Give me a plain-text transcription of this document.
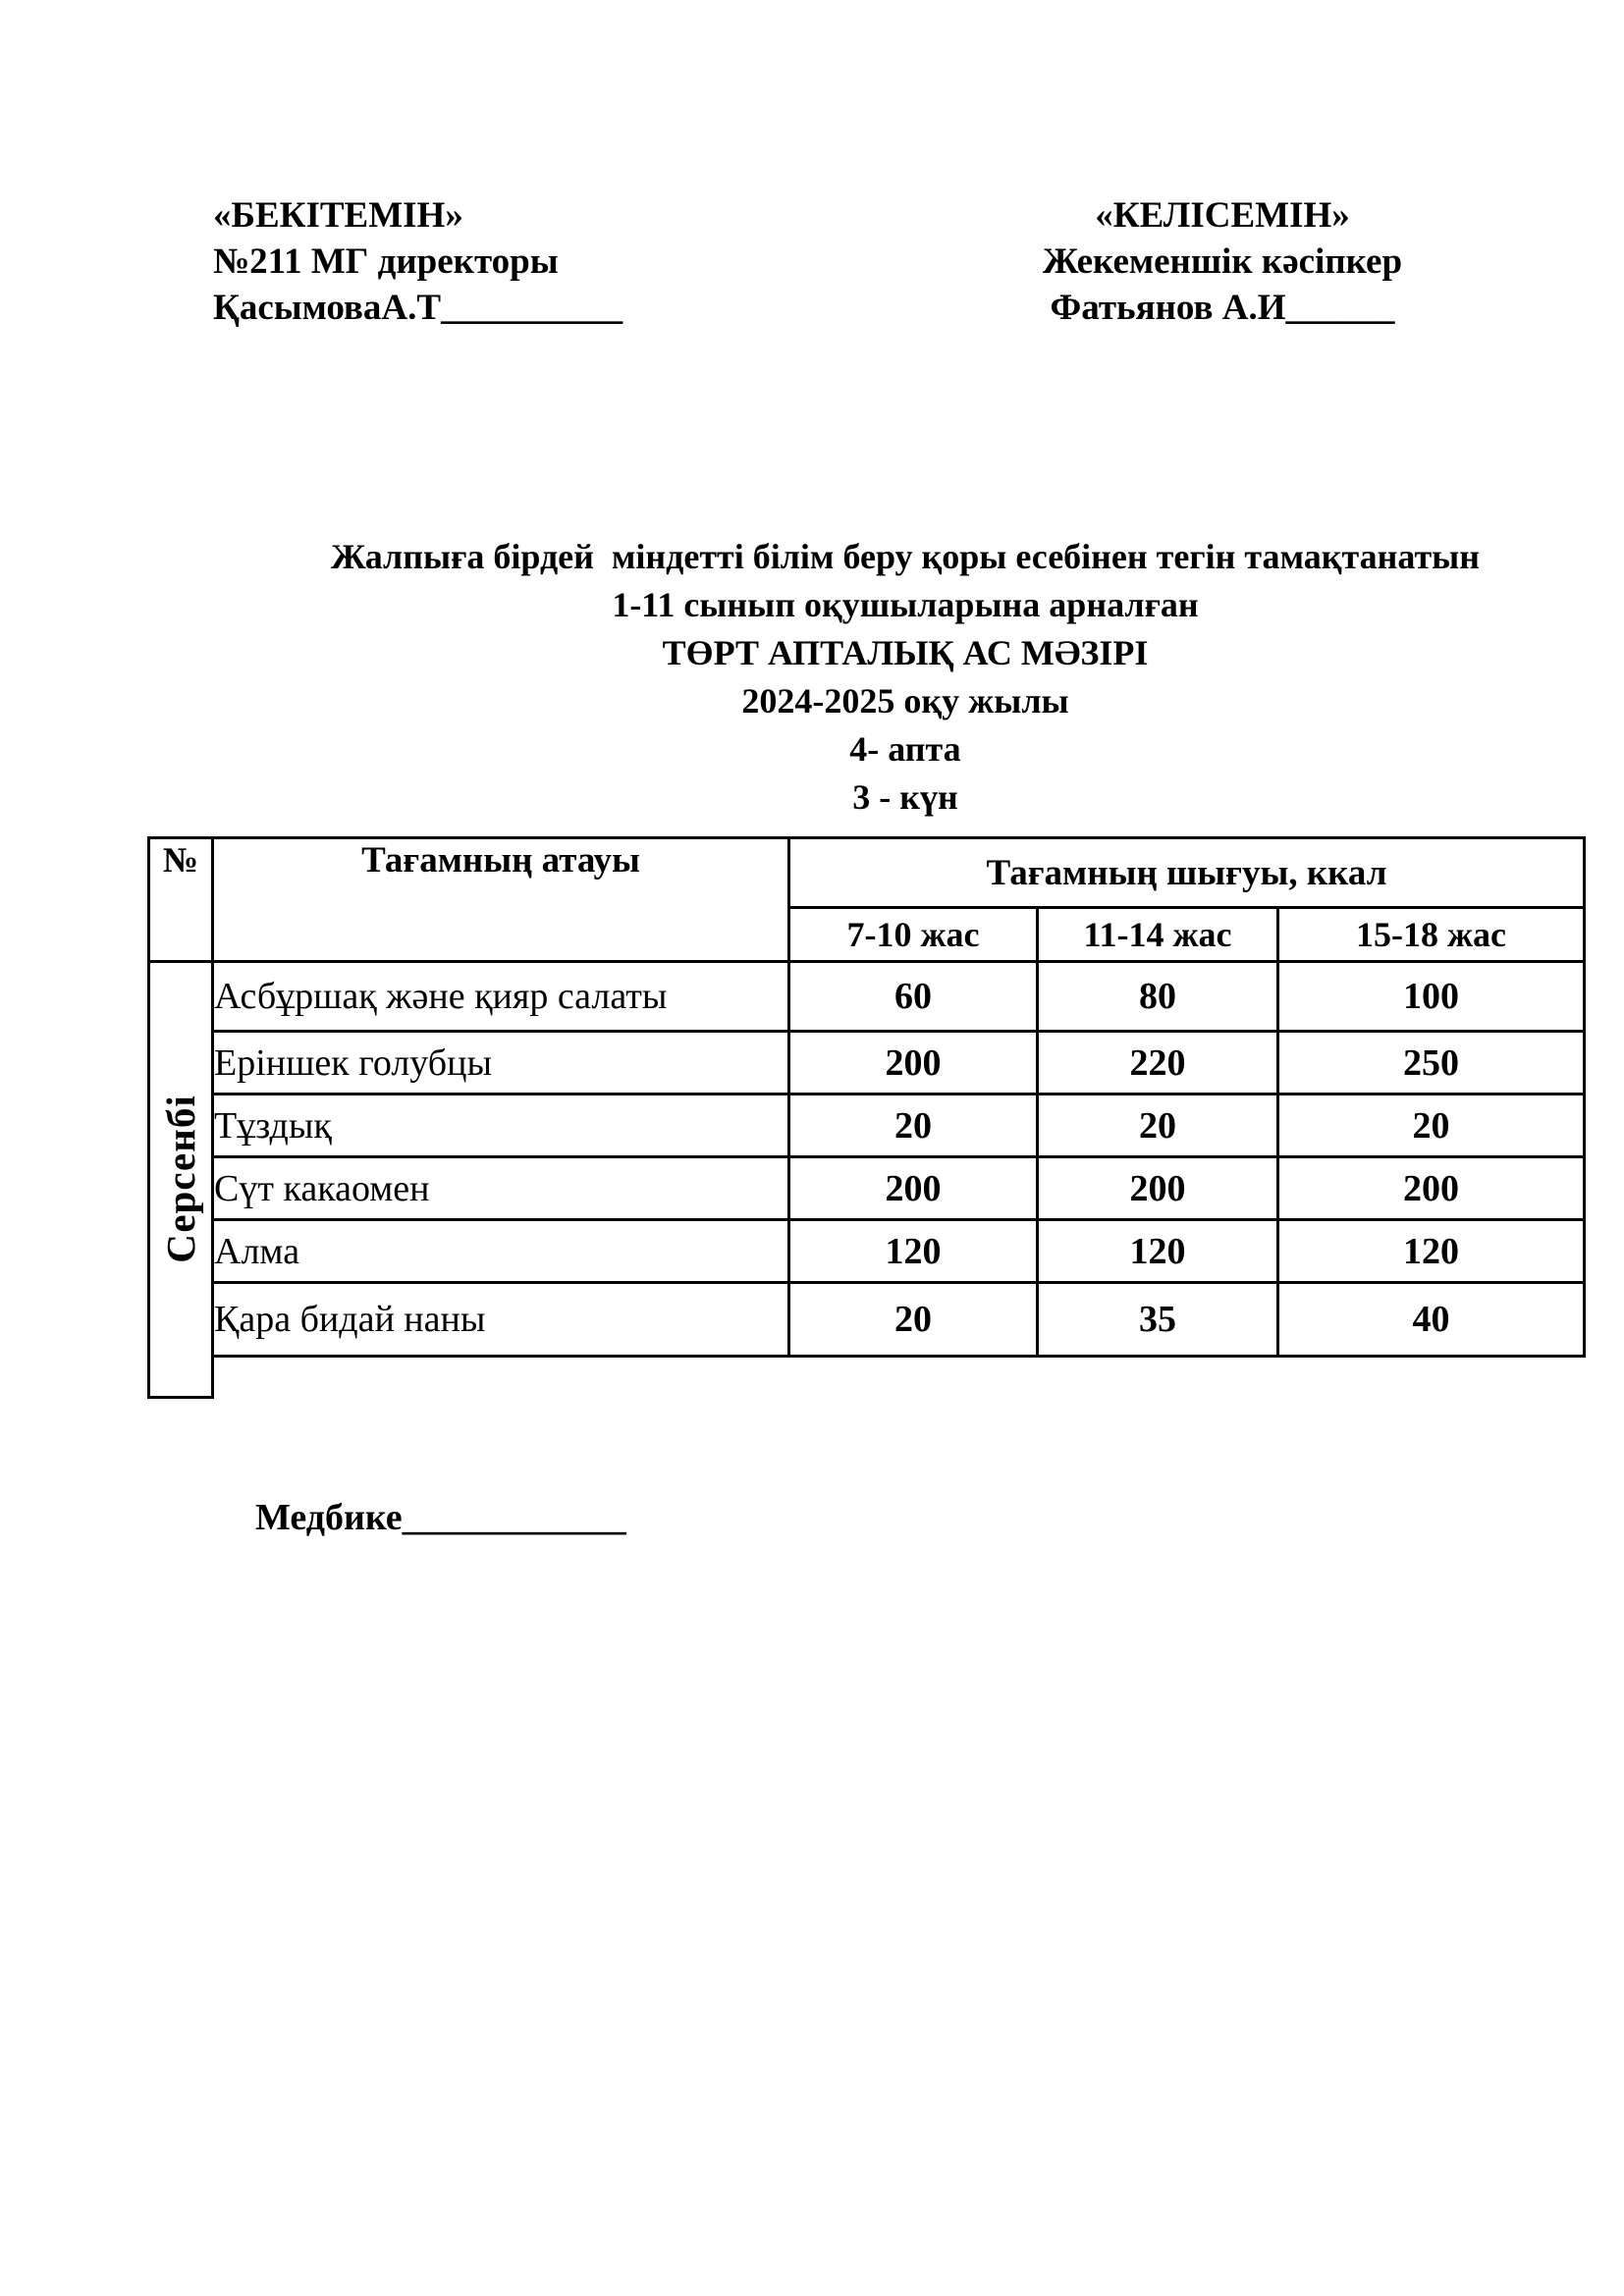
«БЕКІТЕМІН»
№211 МГ директоры
ҚасымоваА.Т__________
«КЕЛІСЕМІН»
Жекеменшік кәсіпкер
Фатьянов А.И______
Жалпыға бірдей  міндетті білім беру қоры есебінен тегін тамақтанатын
1-11 сынып оқушыларына арналған
ТӨРТ АПТАЛЫҚ АС МӘЗІРІ
2024-2025 оқу жылы
4- апта
3 - күн
№	Тағамның атауы	Тағамның шығуы, ккал		
		7-10 жас	11-14 жас	15-18 жас

Серсенбі	Асбұршақ және қияр салаты	60	80	100
	Еріншек голубцы	200	220	250
	Тұздық	20	20	20
	Сүт какаомен	200	200	200
	Алма	120	120	120
	Қара бидай наны	20	35	40

Медбике____________
